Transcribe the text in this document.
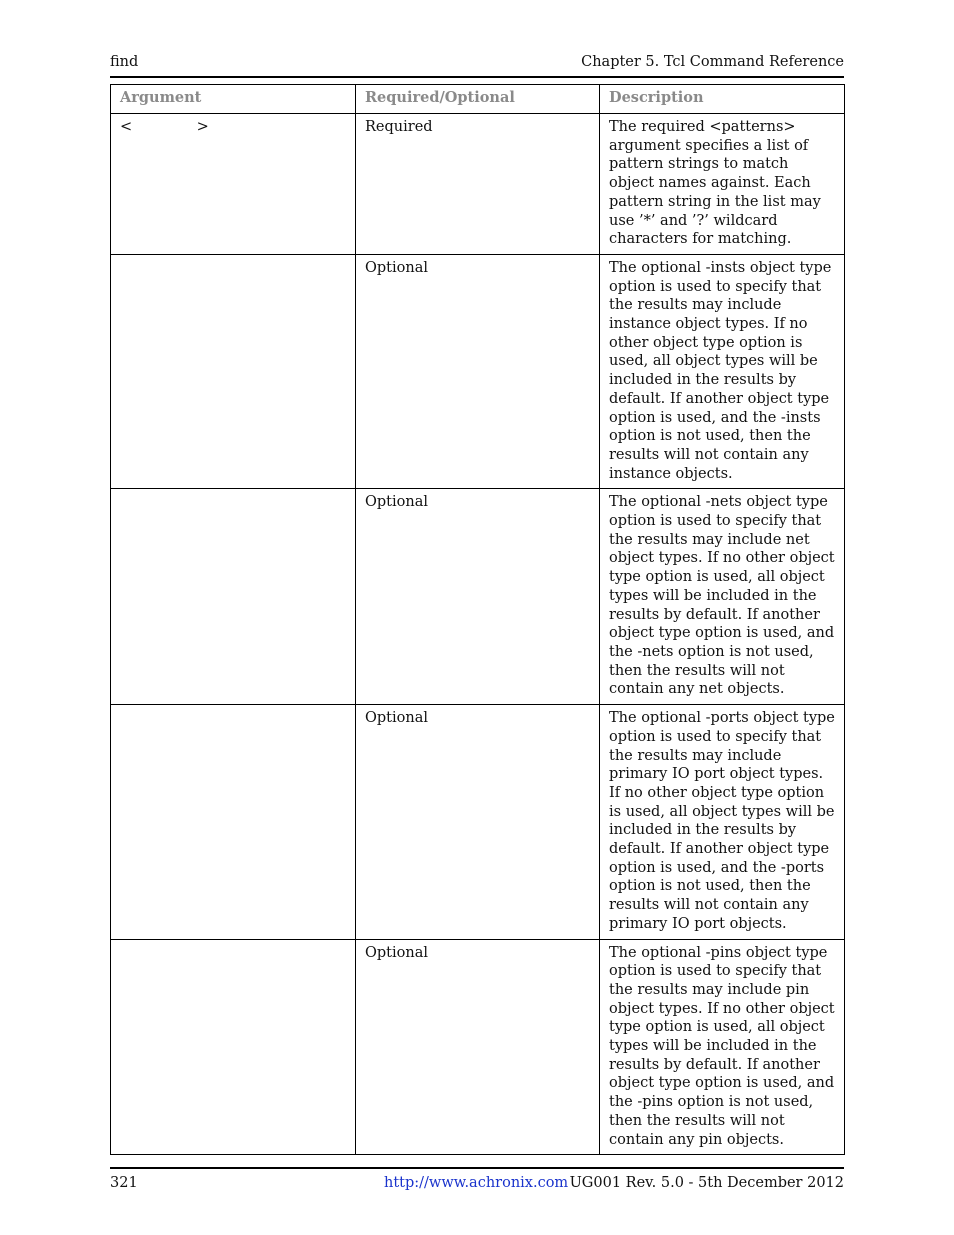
find	Chapter 5. Tcl Command Reference
Argument	Required/Optional	Description
<              >	Required	The required <patterns> argument specifies a list of pattern strings to match object names against. Each pattern string in the list may use ’*’ and ’?’ wildcard characters for matching.
	Optional	The optional -insts object type option is used to specify that the results may include instance object types. If no other object type option is used, all object types will be included in the results by default. If another object type option is used, and the -insts option is not used, then the results will not contain any instance objects.
	Optional	The optional -nets object type option is used to specify that the results may include net object types. If no other object type option is used, all object types will be included in the results by default. If another object type option is used, and the -nets option is not used, then the results will not contain any net objects.
	Optional	The optional -ports object type option is used to specify that the results may include primary IO port object types. If no other object type option is used, all object types will be included in the results by default. If another object type option is used, and the -ports option is not used, then the results will not contain any primary IO port objects.
	Optional	The optional -pins object type option is used to specify that the results may include pin object types. If no other object type option is used, all object types will be included in the results by default. If another object type option is used, and the -pins option is not used, then the results will not contain any pin objects.
321	http://www.achronix.com UG001 Rev. 5.0 - 5th December 2012
